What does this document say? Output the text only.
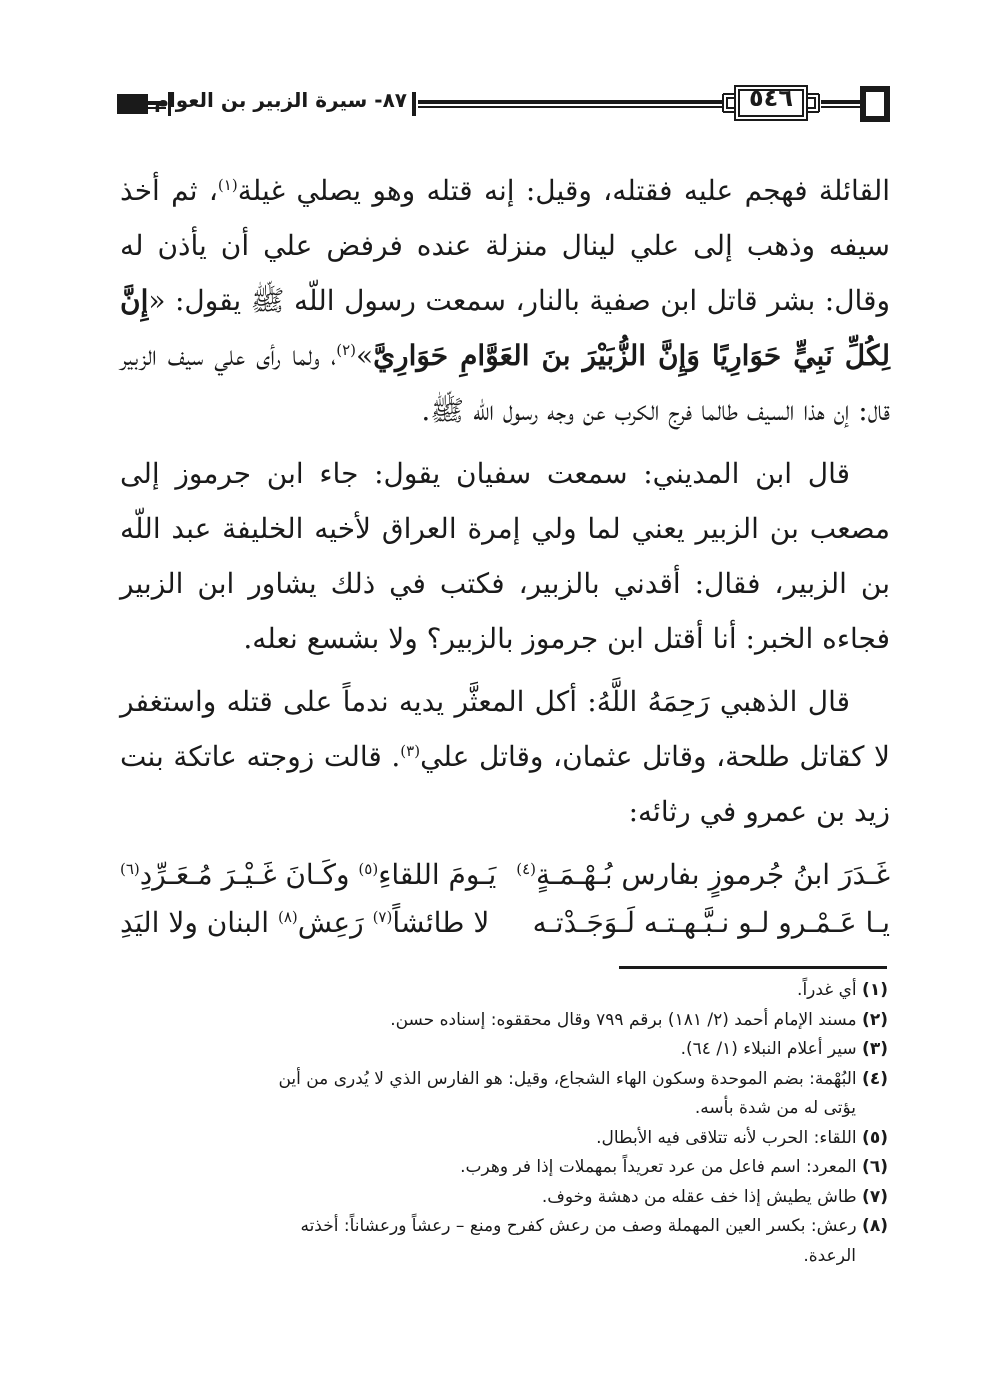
٥٤٦
٨٧- سيرة الزبير بن العوام

القائلة فهجم عليه فقتله، وقيل: إنه قتله وهو يصلي غيلة$^{(١)}$، ثم أخذ سيفه وذهب إلى علي لينال منزلة عنده فرفض علي أن يأذن له وقال: بشر قاتل ابن صفية بالنار، سمعت رسول اللّه ﷺ يقول: «إِنَّ لِكُلِّ نَبِيٍّ حَوَارِيًا وَإِنَّ الزُّبَيْرَ بنَ العَوَّامِ حَوَارِيَّ»$^{(٢)}$، ولما رأى علي سيف الزبير قال: إن هذا السيف طالما فرج الكرب عن وجه رسول اللّه ﷺ.

قال ابن المديني: سمعت سفيان يقول: جاء ابن جرموز إلى مصعب بن الزبير يعني لما ولي إمرة العراق لأخيه الخليفة عبد اللّه بن الزبير، فقال: أقدني بالزبير، فكتب في ذلك يشاور ابن الزبير فجاءه الخبر: أنا أقتل ابن جرموز بالزبير؟ ولا بشسع نعله.

قال الذهبي رَحِمَهُ اللَّهُ: أكل المعثَّر يديه ندماً على قتله واستغفر لا كقاتل طلحة، وقاتل عثمان، وقاتل علي$^{(٣)}$. قالت زوجته عاتكة بنت زيد بن عمرو في رثائه:

غَـدَرَ ابنُ جُرموزٍ بفارس بُـهْـمَـةٍ$^{(٤)}$
يَـومَ اللقاءِ$^{(٥)}$ وكَـانَ غَـيْـرَ مُـعَـرِّدِ$^{(٦)}$
يـا عَـمْـرو لـو نـبَّـهـتـه لَـوَجَـدْتـه
لا طائشاً$^{(٧)}$ رَعِش$^{(٨)}$ البنان ولا اليَدِ

(١) أي غدراً.

(٢) مسند الإمام أحمد (٢/ ١٨١) برقم ٧٩٩ وقال محققوه: إسناده حسن.

(٣) سير أعلام النبلاء (١/ ٦٤).

(٤) البُهْمة: بضم الموحدة وسكون الهاء الشجاع، وقيل: هو الفارس الذي لا يُدرى من أين
يؤتى له من شدة بأسه.

(٥) اللقاء: الحرب لأنه تتلاقى فيه الأبطال.

(٦) المعرد: اسم فاعل من عرد تعريداً بمهملات إذا فر وهرب.

(٧) طاش يطيش إذا خف عقله من دهشة وخوف.

(٨) رعش: بكسر العين المهملة وصف من رعش كفرح ومنع – رعشاً ورعشاناً: أخذته
الرعدة.
